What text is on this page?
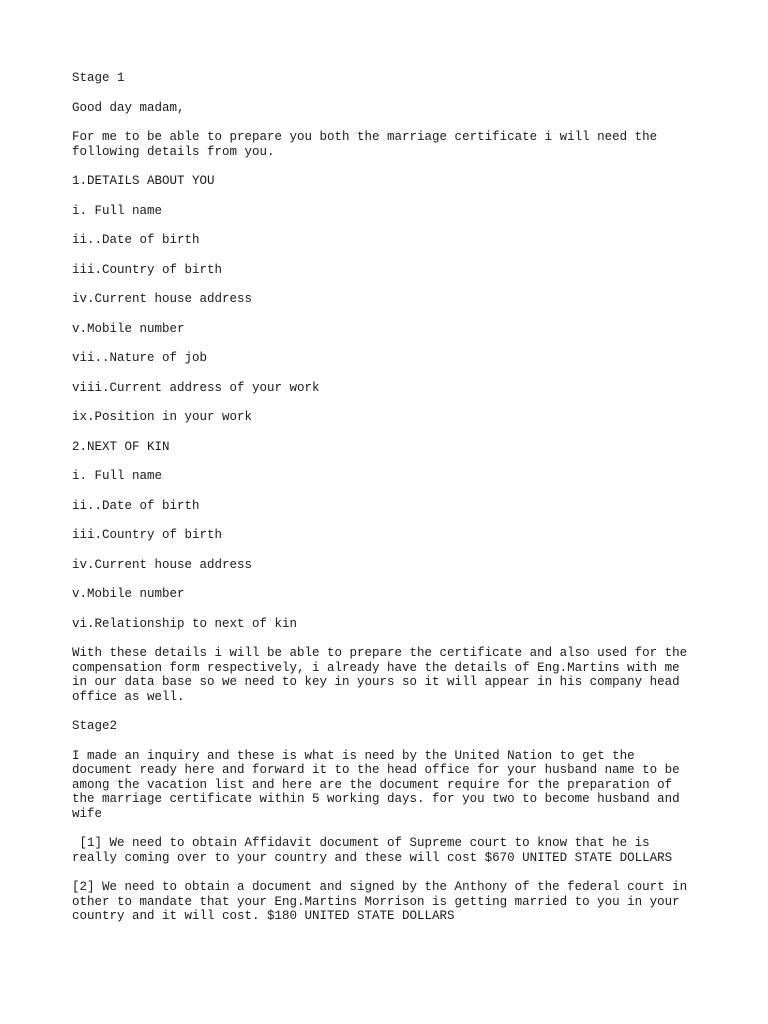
Stage 1
Good day madam,
For me to be able to prepare you both the marriage certificate i will need the
following details from you.
1.DETAILS ABOUT YOU
i. Full name
ii..Date of birth
iii.Country of birth
iv.Current house address
v.Mobile number
vii..Nature of job
viii.Current address of your work
ix.Position in your work
2.NEXT OF KIN
i. Full name
ii..Date of birth
iii.Country of birth
iv.Current house address
v.Mobile number
vi.Relationship to next of kin
With these details i will be able to prepare the certificate and also used for the
compensation form respectively, i already have the details of Eng.Martins with me
in our data base so we need to key in yours so it will appear in his company head
office as well.
Stage2
I made an inquiry and these is what is need by the United Nation to get the
document ready here and forward it to the head office for your husband name to be
among the vacation list and here are the document require for the preparation of
the marriage certificate within 5 working days. for you two to become husband and
wife
[1] We need to obtain Affidavit document of Supreme court to know that he is
really coming over to your country and these will cost $670 UNITED STATE DOLLARS
[2] We need to obtain a document and signed by the Anthony of the federal court in
other to mandate that your Eng.Martins Morrison is getting married to you in your
country and it will cost. $180 UNITED STATE DOLLARS
